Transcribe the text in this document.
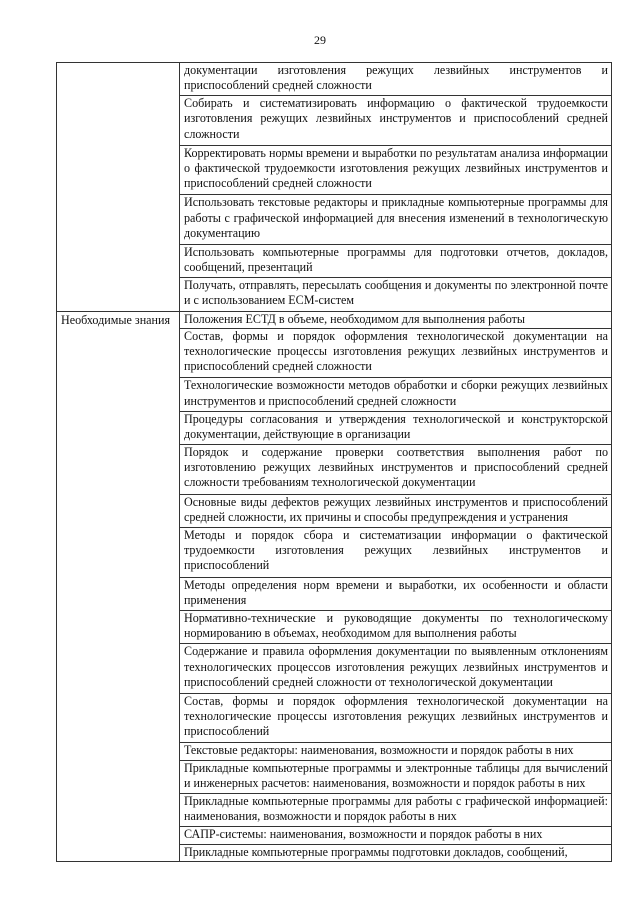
29
	документации изготовления режущих лезвийных инструментов и приспособлений средней сложности
	Собирать и систематизировать информацию о фактической трудоемкости изготовления режущих лезвийных инструментов и приспособлений средней сложности
	Корректировать нормы времени и выработки по результатам анализа информации о фактической трудоемкости изготовления режущих лезвийных инструментов и приспособлений средней сложности
	Использовать текстовые редакторы и прикладные компьютерные программы для работы с графической информацией для внесения изменений в технологическую документацию
	Использовать компьютерные программы для подготовки отчетов, докладов, сообщений, презентаций
	Получать, отправлять, пересылать сообщения и документы по электронной почте и с использованием ЕСМ-систем

Необходимые знания	Положения ЕСТД в объеме, необходимом для выполнения работы
	Состав, формы и порядок оформления технологической документации на технологические процессы изготовления режущих лезвийных инструментов и приспособлений средней сложности
	Технологические возможности методов обработки и сборки режущих лезвийных инструментов и приспособлений средней сложности
	Процедуры согласования и утверждения технологической и конструкторской документации, действующие в организации
	Порядок и содержание проверки соответствия выполнения работ по изготовлению режущих лезвийных инструментов и приспособлений средней сложности требованиям технологической документации
	Основные виды дефектов режущих лезвийных инструментов и приспособлений средней сложности, их причины и способы предупреждения и устранения
	Методы и порядок сбора и систематизации информации о фактической трудоемкости изготовления режущих лезвийных инструментов и приспособлений
	Методы определения норм времени и выработки, их особенности и области применения
	Нормативно-технические и руководящие документы по технологическому нормированию в объемах, необходимом для выполнения работы
	Содержание и правила оформления документации по выявленным отклонениям технологических процессов изготовления режущих лезвийных инструментов и приспособлений средней сложности от технологической документации
	Состав, формы и порядок оформления технологической документации на технологические процессы изготовления режущих лезвийных инструментов и приспособлений
	Текстовые редакторы: наименования, возможности и порядок работы в них
	Прикладные компьютерные программы и электронные таблицы для вычислений и инженерных расчетов: наименования, возможности и порядок работы в них
	Прикладные компьютерные программы для работы с графической информацией: наименования, возможности и порядок работы в них
	САПР-системы: наименования, возможности и порядок работы в них
	Прикладные компьютерные программы подготовки докладов, сообщений,
